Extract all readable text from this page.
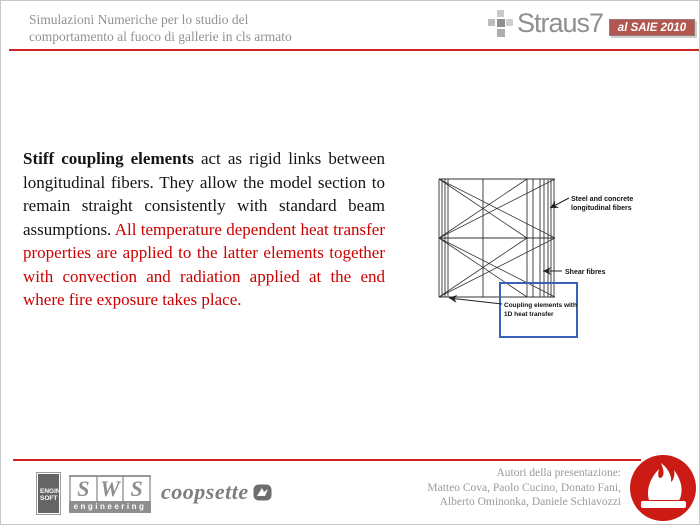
Simulazioni Numeriche per lo studio del
comportamento al fuoco di gallerie in cls armato	Straus7	al SAIE 2010

Stiff coupling elements act as rigid links between longitudinal fibers. They allow the model section to remain straight consistently with standard beam assumptions. All temperature dependent heat transfer properties are applied to the latter elements together with convection and radiation applied at the end where fire exposure takes place.

Steel and concrete
longitudinal fibers
Shear fibres
Coupling elements with
1D heat transfer
ENGIN
SOFT S W S
engineering
coopsette
Autori della presentazione:
Matteo Cova, Paolo Cucino, Donato Fani,
Alberto Ominonka, Daniele Schiavozzi
